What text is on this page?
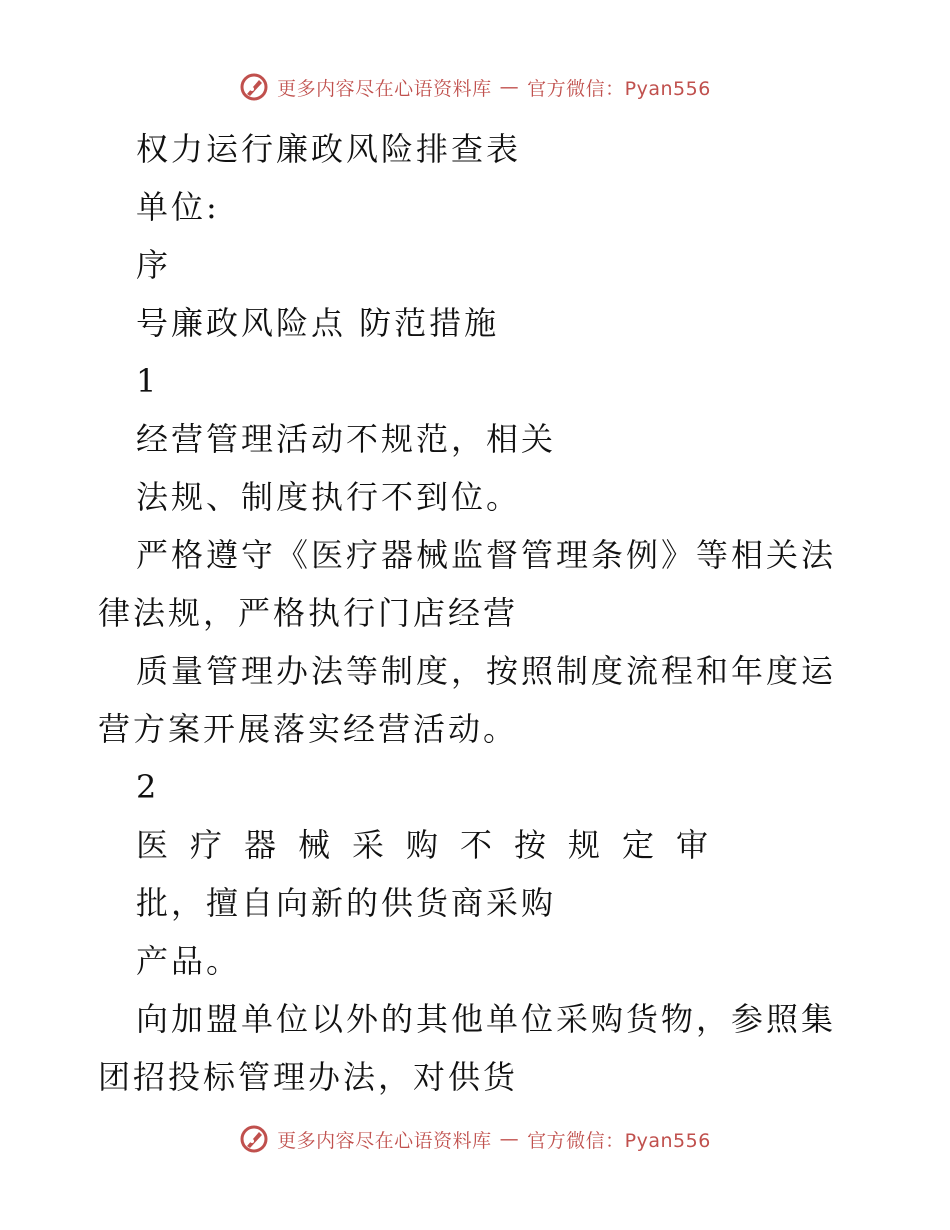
更多内容尽在心语资料库 — 官方微信：Pyan556
权力运行廉政风险排查表
单位:
序
号廉政风险点 防范措施
1
经营管理活动不规范，相关
法规、制度执行不到位。
严格遵守《医疗器械监督管理条例》等相关法律法规，严格执行门店经营
质量管理办法等制度，按照制度流程和年度运营方案开展落实经营活动。
2
医疗器械采购不按规定审
批，擅自向新的供货商采购
产品。
向加盟单位以外的其他单位采购货物，参照集团招投标管理办法，对供货
更多内容尽在心语资料库 — 官方微信：Pyan556
